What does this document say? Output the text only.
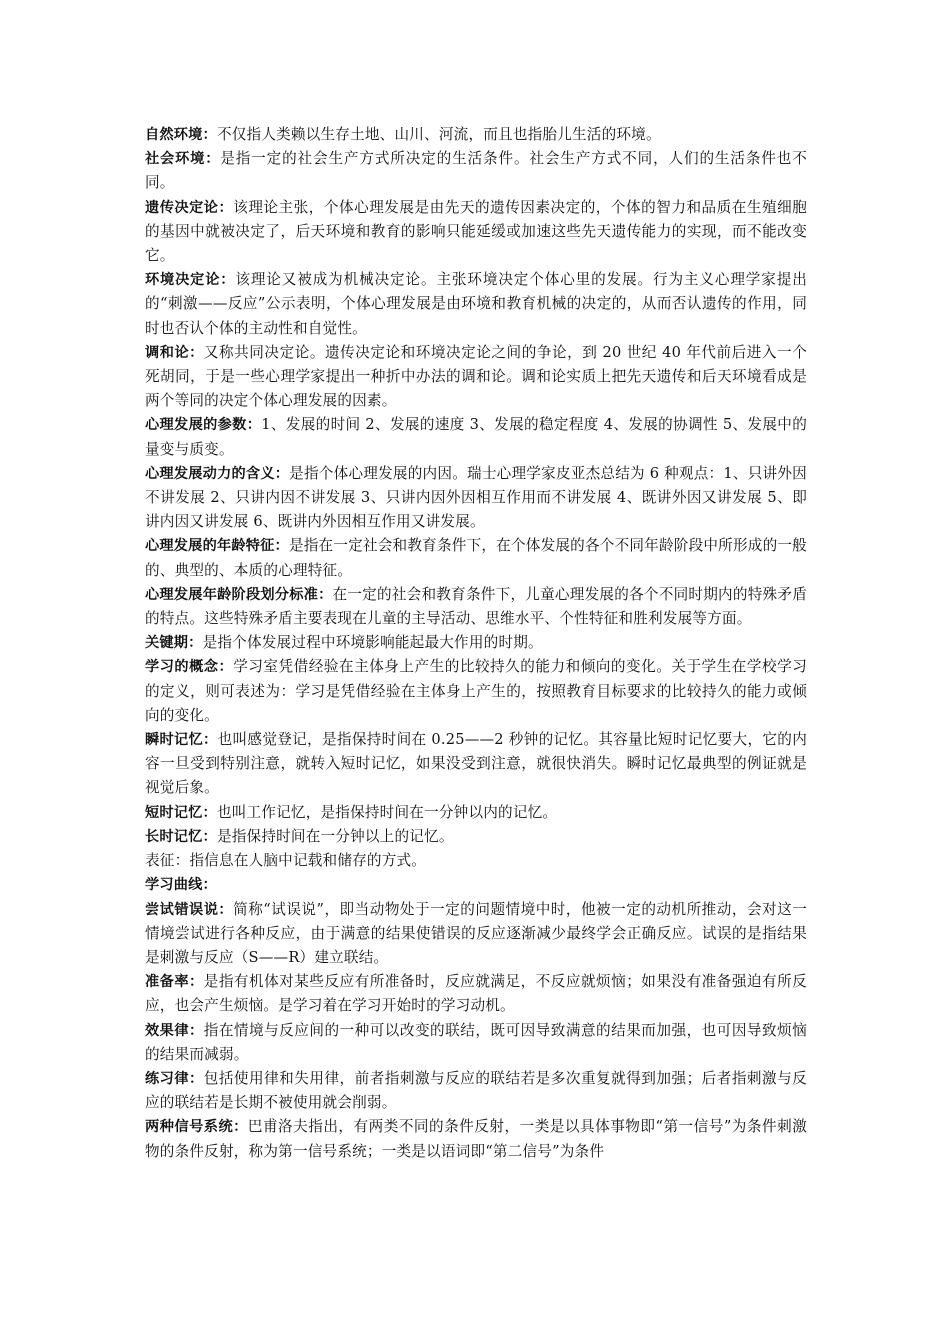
自然环境：不仅指人类赖以生存土地、山川、河流，而且也指胎儿生活的环境。

社会环境：是指一定的社会生产方式所决定的生活条件。社会生产方式不同，人们的生活条件也不同。

遗传决定论：该理论主张，个体心理发展是由先天的遗传因素决定的，个体的智力和品质在生殖细胞的基因中就被决定了，后天环境和教育的影响只能延缓或加速这些先天遗传能力的实现，而不能改变它。

环境决定论：该理论又被成为机械决定论。主张环境决定个体心里的发展。行为主义心理学家提出的“刺激——反应”公示表明，个体心理发展是由环境和教育机械的决定的，从而否认遗传的作用，同时也否认个体的主动性和自觉性。

调和论：又称共同决定论。遗传决定论和环境决定论之间的争论，到 20 世纪 40 年代前后进入一个死胡同，于是一些心理学家提出一种折中办法的调和论。调和论实质上把先天遗传和后天环境看成是两个等同的决定个体心理发展的因素。

心理发展的参数：1、发展的时间 2、发展的速度 3、发展的稳定程度 4、发展的协调性 5、发展中的量变与质变。

心理发展动力的含义：是指个体心理发展的内因。瑞士心理学家皮亚杰总结为 6 种观点：1、只讲外因不讲发展 2、只讲内因不讲发展 3、只讲内因外因相互作用而不讲发展 4、既讲外因又讲发展 5、即讲内因又讲发展 6、既讲内外因相互作用又讲发展。

心理发展的年龄特征：是指在一定社会和教育条件下，在个体发展的各个不同年龄阶段中所形成的一般的、典型的、本质的心理特征。

心理发展年龄阶段划分标准：在一定的社会和教育条件下，儿童心理发展的各个不同时期内的特殊矛盾的特点。这些特殊矛盾主要表现在儿童的主导活动、思维水平、个性特征和胜利发展等方面。

关键期：是指个体发展过程中环境影响能起最大作用的时期。

学习的概念：学习室凭借经验在主体身上产生的比较持久的能力和倾向的变化。关于学生在学校学习的定义，则可表述为：学习是凭借经验在主体身上产生的，按照教育目标要求的比较持久的能力或倾向的变化。

瞬时记忆：也叫感觉登记，是指保持时间在 0.25——2 秒钟的记忆。其容量比短时记忆要大，它的内容一旦受到特别注意，就转入短时记忆，如果没受到注意，就很快消失。瞬时记忆最典型的例证就是视觉后象。

短时记忆：也叫工作记忆，是指保持时间在一分钟以内的记忆。

长时记忆：是指保持时间在一分钟以上的记忆。

表征：指信息在人脑中记载和储存的方式。

学习曲线：

尝试错误说：简称“试误说”，即当动物处于一定的问题情境中时，他被一定的动机所推动，会对这一情境尝试进行各种反应，由于满意的结果使错误的反应逐渐减少最终学会正确反应。试误的是指结果是刺激与反应（S——R）建立联结。

准备率：是指有机体对某些反应有所准备时，反应就满足，不反应就烦恼；如果没有准备强迫有所反应，也会产生烦恼。是学习着在学习开始时的学习动机。

效果律：指在情境与反应间的一种可以改变的联结，既可因导致满意的结果而加强，也可因导致烦恼的结果而减弱。

练习律：包括使用律和失用律，前者指刺激与反应的联结若是多次重复就得到加强；后者指刺激与反应的联结若是长期不被使用就会削弱。

两种信号系统：巴甫洛夫指出，有两类不同的条件反射，一类是以具体事物即“第一信号”为条件刺激物的条件反射，称为第一信号系统；一类是以语词即“第二信号”为条件
